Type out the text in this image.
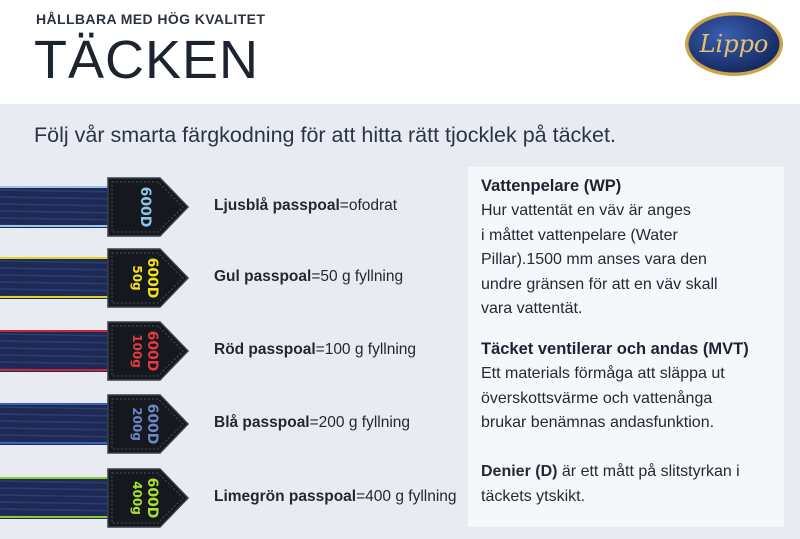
HÅLLBARA MED HÖG KVALITET
TÄCKEN	Lippo
Följ vår smarta färgkodning för att hitta rätt tjocklek på täcket.
600D	Ljusblå passpoal=ofodrat
600D
50g	Gul passpoal=50 g fyllning
600D
100g	Röd passpoal=100 g fyllning
600D
200g	Blå passpoal=200 g fyllning
600D
400g	Limegrön passpoal=400 g fyllning
Vattenpelare (WP)
Hur vattentät en väv är anges
i måttet vattenpelare (Water
Pillar).1500 mm anses vara den
undre gränsen för att en väv skall
vara vattentät.
Täcket ventilerar och andas (MVT)
Ett materials förmåga att släppa ut
överskottsvärme och vattenånga
brukar benämnas andasfunktion.
Denier (D) är ett mått på slitstyrkan i
täckets ytskikt.
